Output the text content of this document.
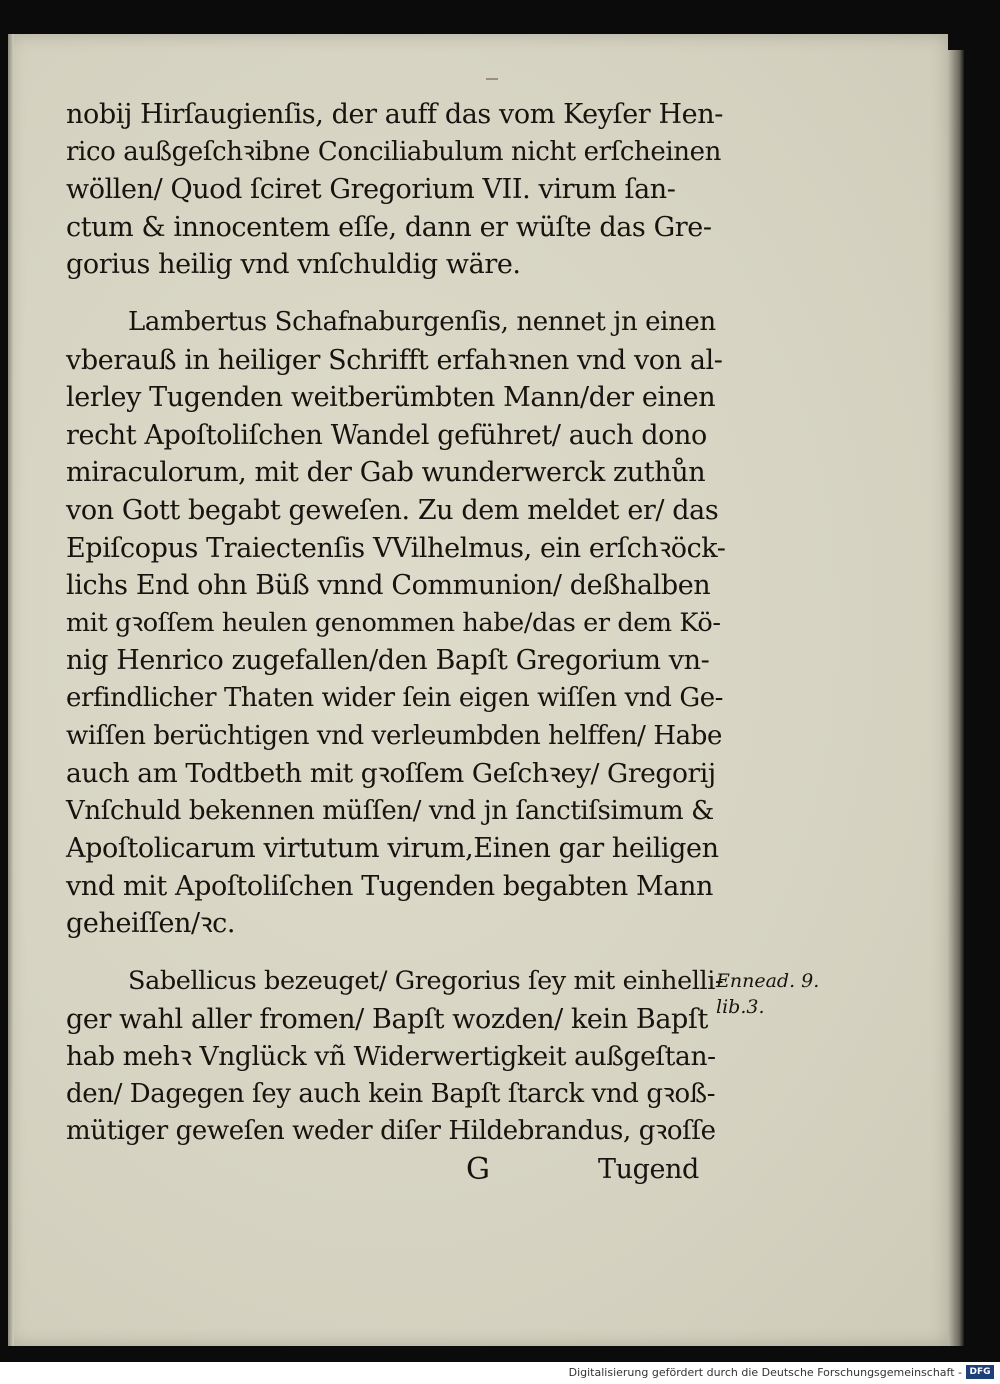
nobij Hirſaugienſis, der auff das vom Keyſer Hen-
rico außgeſchꝛibne Conciliabulum nicht erſcheinen
wöllen/ Quod ſciret Gregorium VII. virum ſan-
ctum & innocentem eſſe, dann er wüſte das Gre-
gorius heilig vnd vnſchuldig wäre.
Lambertus Schafnaburgenſis, nennet jn einen
vberauß in heiliger Schrifft erfahꝛnen vnd von al-
lerley Tugenden weitberümbten Mann/der einen
recht Apoſtoliſchen Wandel geführet/ auch dono
miraculorum, mit der Gab wunderwerck zuthůn
von Gott begabt geweſen. Zu dem meldet er/ das
Epiſcopus Traiectenſis VVilhelmus, ein erſchꝛöck-
lichs End ohn Büß vnnd Communion/ deßhalben
mit gꝛoſſem heulen genommen habe/das er dem Kö-
nig Henrico zugefallen/den Bapſt Gregorium vn-
erfindlicher Thaten wider ſein eigen wiſſen vnd Ge-
wiſſen berüchtigen vnd verleumbden helffen/ Habe
auch am Todtbeth mit gꝛoſſem Geſchꝛey/ Gregorij
Vnſchuld bekennen müſſen/ vnd jn ſanctiſsimum &
Apoſtolicarum virtutum virum,Einen gar heiligen
vnd mit Apoſtoliſchen Tugenden begabten Mann
geheiſſen/ꝛc.
Sabellicus bezeuget/ Gregorius ſey mit einhelli-
ger wahl aller fromen/ Bapſt wozden/ kein Bapſt
hab mehꝛ Vnglück vñ Widerwertigkeit außgeſtan-
den/ Dagegen ſey auch kein Bapſt ſtarck vnd gꝛoß-
mütiger geweſen weder diſer Hildebrandus, gꝛoſſe
G	Tugend
Ennead. 9.
lib.3.
Digitalisierung gefördert durch die Deutsche Forschungsgemeinschaft - DFG
